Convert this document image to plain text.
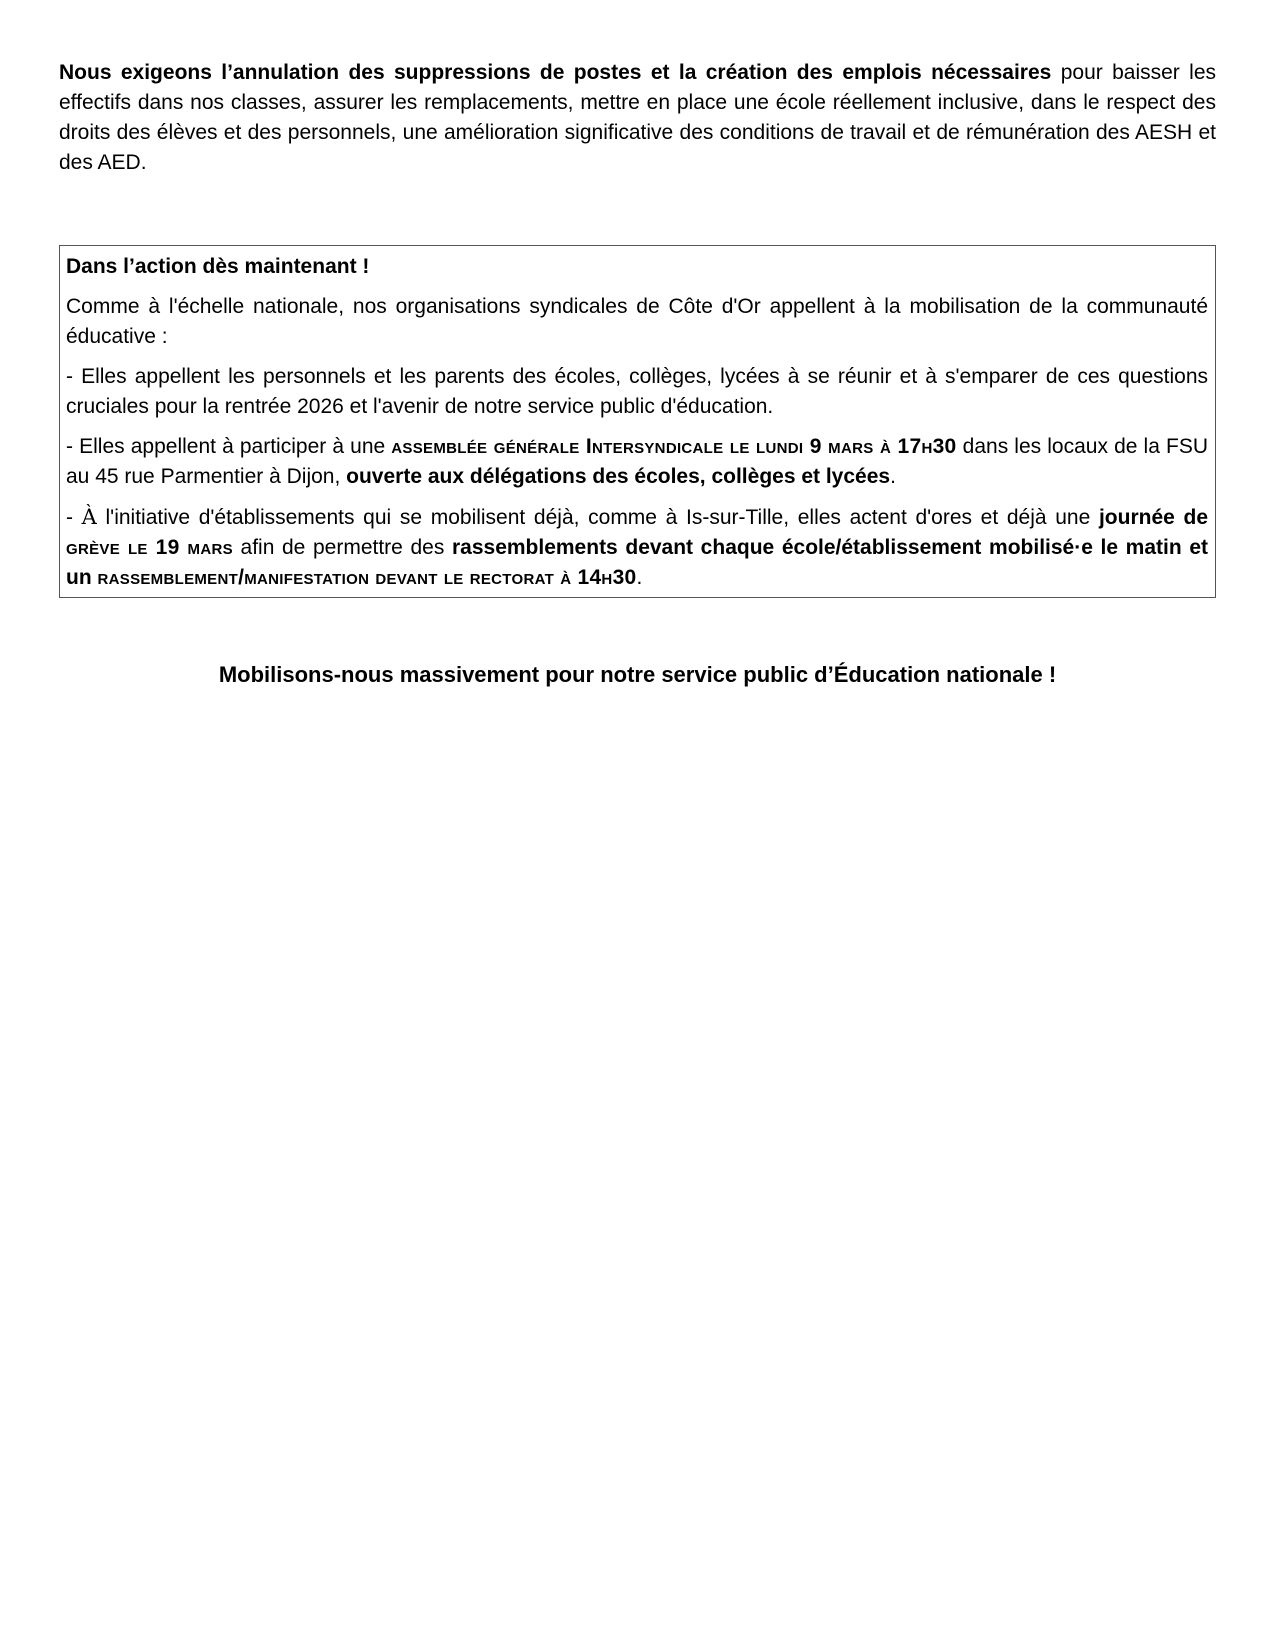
Nous exigeons l’annulation des suppressions de postes et la création des emplois nécessaires pour baisser les effectifs dans nos classes, assurer les remplacements, mettre en place une école réellement inclusive, dans le respect des droits des élèves et des personnels, une amélioration significative des conditions de travail et de rémunération des AESH et des AED.

Dans l’action dès maintenant !

Comme à l'échelle nationale, nos organisations syndicales de Côte d'Or appellent à la mobilisation de la communauté éducative :

- Elles appellent les personnels et les parents des écoles, collèges, lycées à se réunir et à s'emparer de ces questions cruciales pour la rentrée 2026 et l'avenir de notre service public d'éducation.

- Elles appellent à participer à une assemblée générale Intersyndicale le lundi 9 mars à 17h30 dans les locaux de la FSU au 45 rue Parmentier à Dijon, ouverte aux délégations des écoles, collèges et lycées.

- À l'initiative d'établissements qui se mobilisent déjà, comme à Is-sur-Tille, elles actent d'ores et déjà une journée de grève le 19 mars afin de permettre des rassemblements devant chaque école/établissement mobilisé·e le matin et un rassemblement/manifestation devant le rectorat à 14h30.

Mobilisons-nous massivement pour notre service public d’Éducation nationale !
